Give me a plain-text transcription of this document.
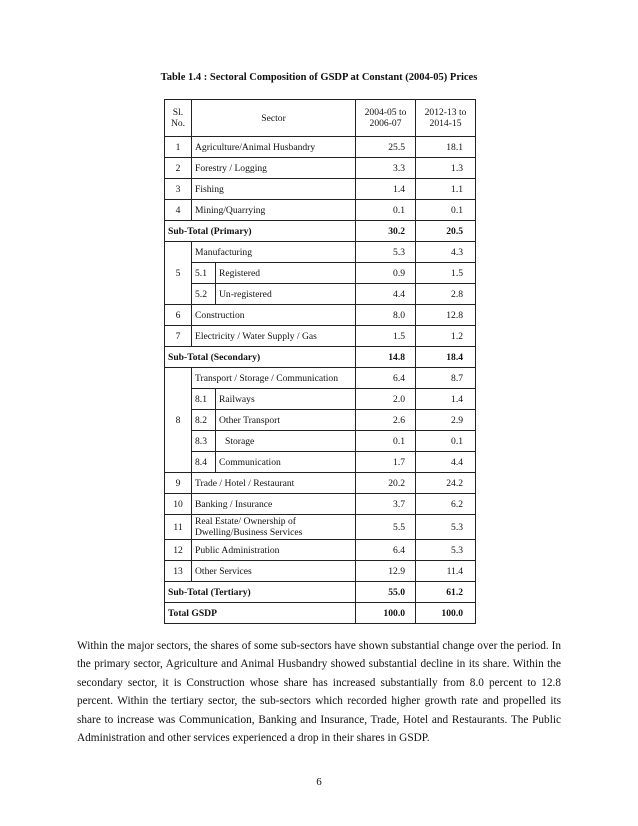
Table 1.4 : Sectoral Composition of GSDP at Constant (2004-05) Prices
Sl. No.	Sector		2004-05 to 2006-07	2012-13 to 2014-15
1	Agriculture/Animal Husbandry		25.5	18.1
2	Forestry / Logging		3.3	1.3
3	Fishing		1.4	1.1
4	Mining/Quarrying		0.1	0.1
Sub-Total (Primary)			30.2	20.5
5	Manufacturing		5.3	4.3
	5.1	Registered	0.9	1.5
	5.2	Un-registered	4.4	2.8
6	Construction		8.0	12.8
7	Electricity / Water Supply / Gas		1.5	1.2
Sub-Total (Secondary)			14.8	18.4
8	Transport / Storage / Communication		6.4	8.7
	8.1	Railways	2.0	1.4
	8.2	Other Transport	2.6	2.9
	8.3	Storage	0.1	0.1
	8.4	Communication	1.7	4.4
9	Trade / Hotel / Restaurant		20.2	24.2
10	Banking / Insurance		3.7	6.2
11	Real Estate/ Ownership of Dwelling/Business Services		5.5	5.3
12	Public Administration		6.4	5.3
13	Other Services		12.9	11.4
Sub-Total (Tertiary)			55.0	61.2
Total GSDP			100.0	100.0

Within the major sectors, the shares of some sub-sectors have shown substantial change over the period. In the primary sector, Agriculture and Animal Husbandry showed substantial decline in its share. Within the secondary sector, it is Construction whose share has increased substantially from 8.0 percent to 12.8 percent. Within the tertiary sector, the sub-sectors which recorded higher growth rate and propelled its share to increase was Communication, Banking and Insurance, Trade, Hotel and Restaurants. The Public Administration and other services experienced a drop in their shares in GSDP.

6
